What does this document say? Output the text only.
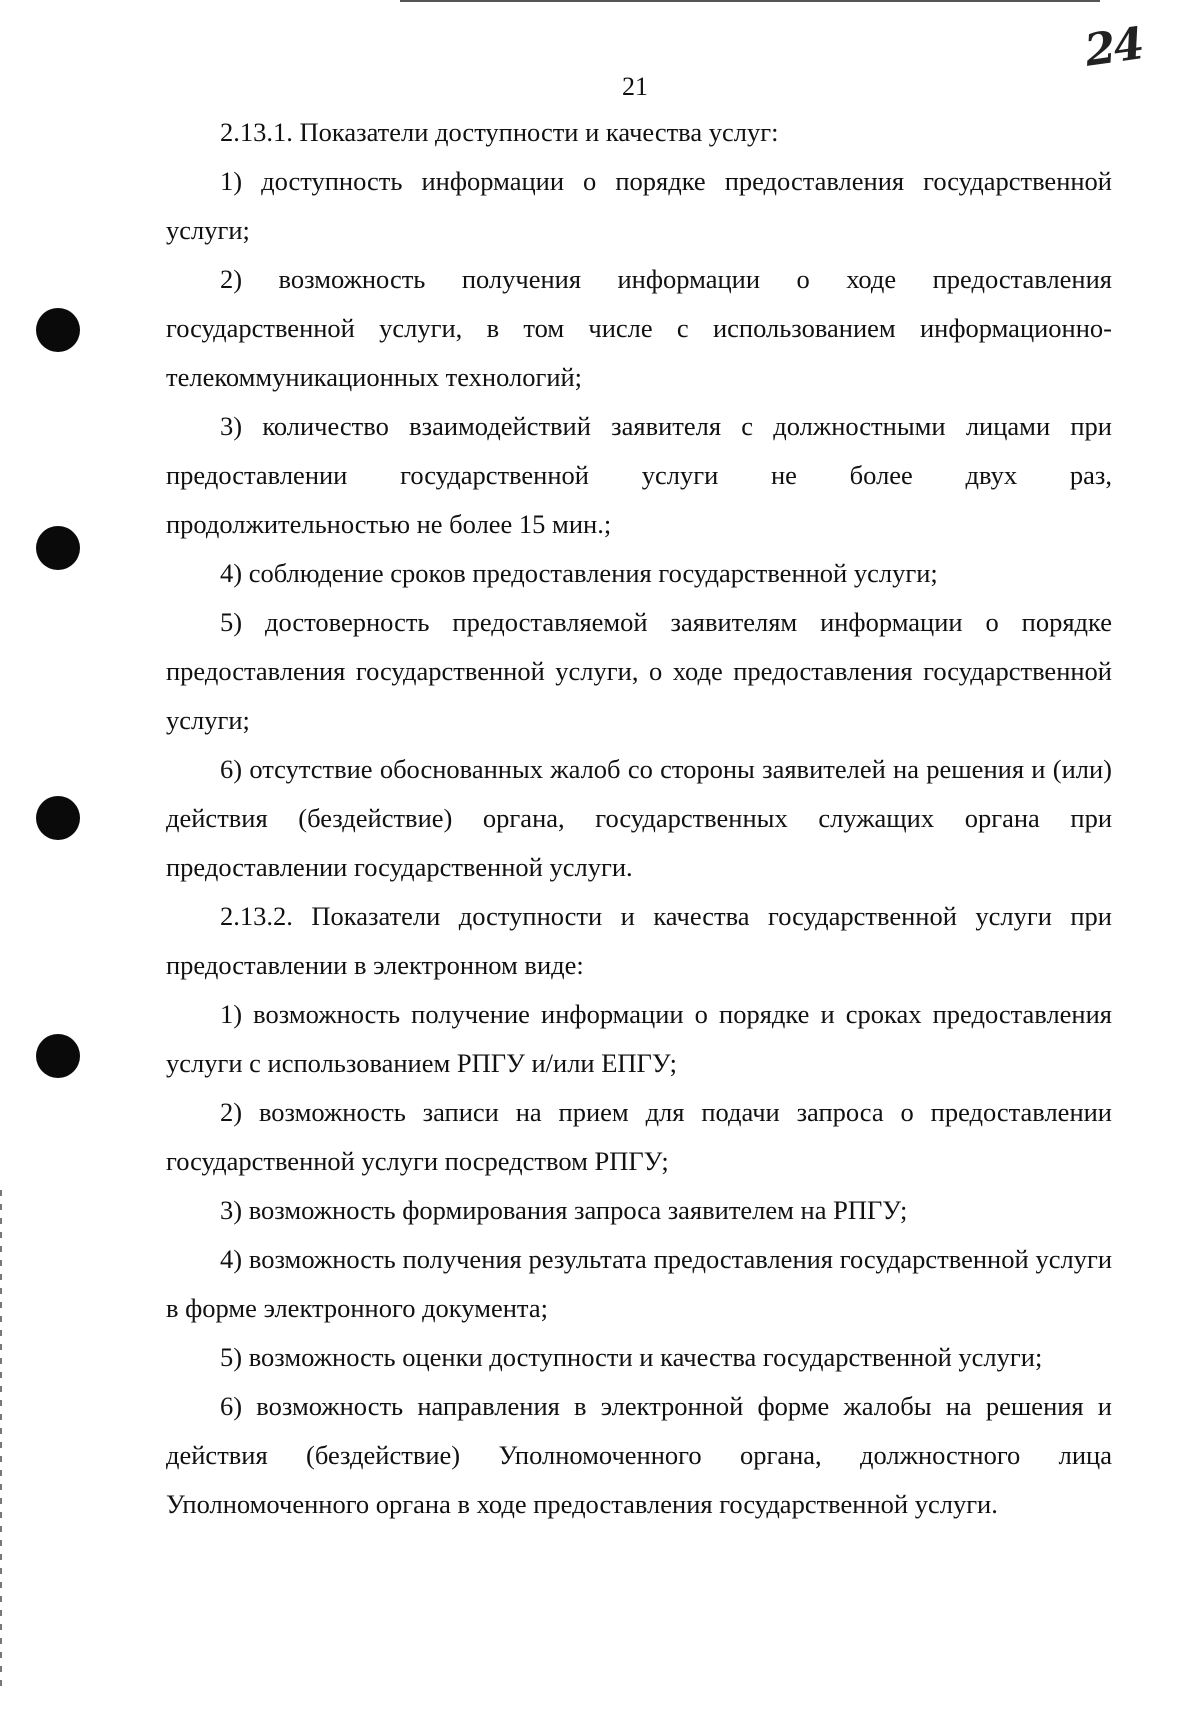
21
24

2.13.1. Показатели доступности и качества услуг:

1) доступность информации о порядке предоставления государственной услуги;

2) возможность получения информации о ходе предоставления государственной услуги, в том числе с использованием информационно-телекоммуникационных технологий;

3) количество взаимодействий заявителя с должностными лицами при предоставлении государственной услуги не более двух раз,

продолжительностью не более 15 мин.;

4) соблюдение сроков предоставления государственной услуги;

5) достоверность предоставляемой заявителям информации о порядке предоставления государственной услуги, о ходе предоставления государственной услуги;

6) отсутствие обоснованных жалоб со стороны заявителей на решения и (или) действия (бездействие) органа, государственных служащих органа при предоставлении государственной услуги.

2.13.2. Показатели доступности и качества государственной услуги при предоставлении в электронном виде:

1) возможность получение информации о порядке и сроках предоставления услуги с использованием РПГУ и/или ЕПГУ;

2) возможность записи на прием для подачи запроса о предоставлении государственной услуги посредством РПГУ;

3) возможность формирования запроса заявителем на РПГУ;

4) возможность получения результата предоставления государственной услуги в форме электронного документа;

5) возможность оценки доступности и качества государственной услуги;

6) возможность направления в электронной форме жалобы на решения и действия (бездействие) Уполномоченного органа, должностного лица Уполномоченного органа в ходе предоставления государственной услуги.
